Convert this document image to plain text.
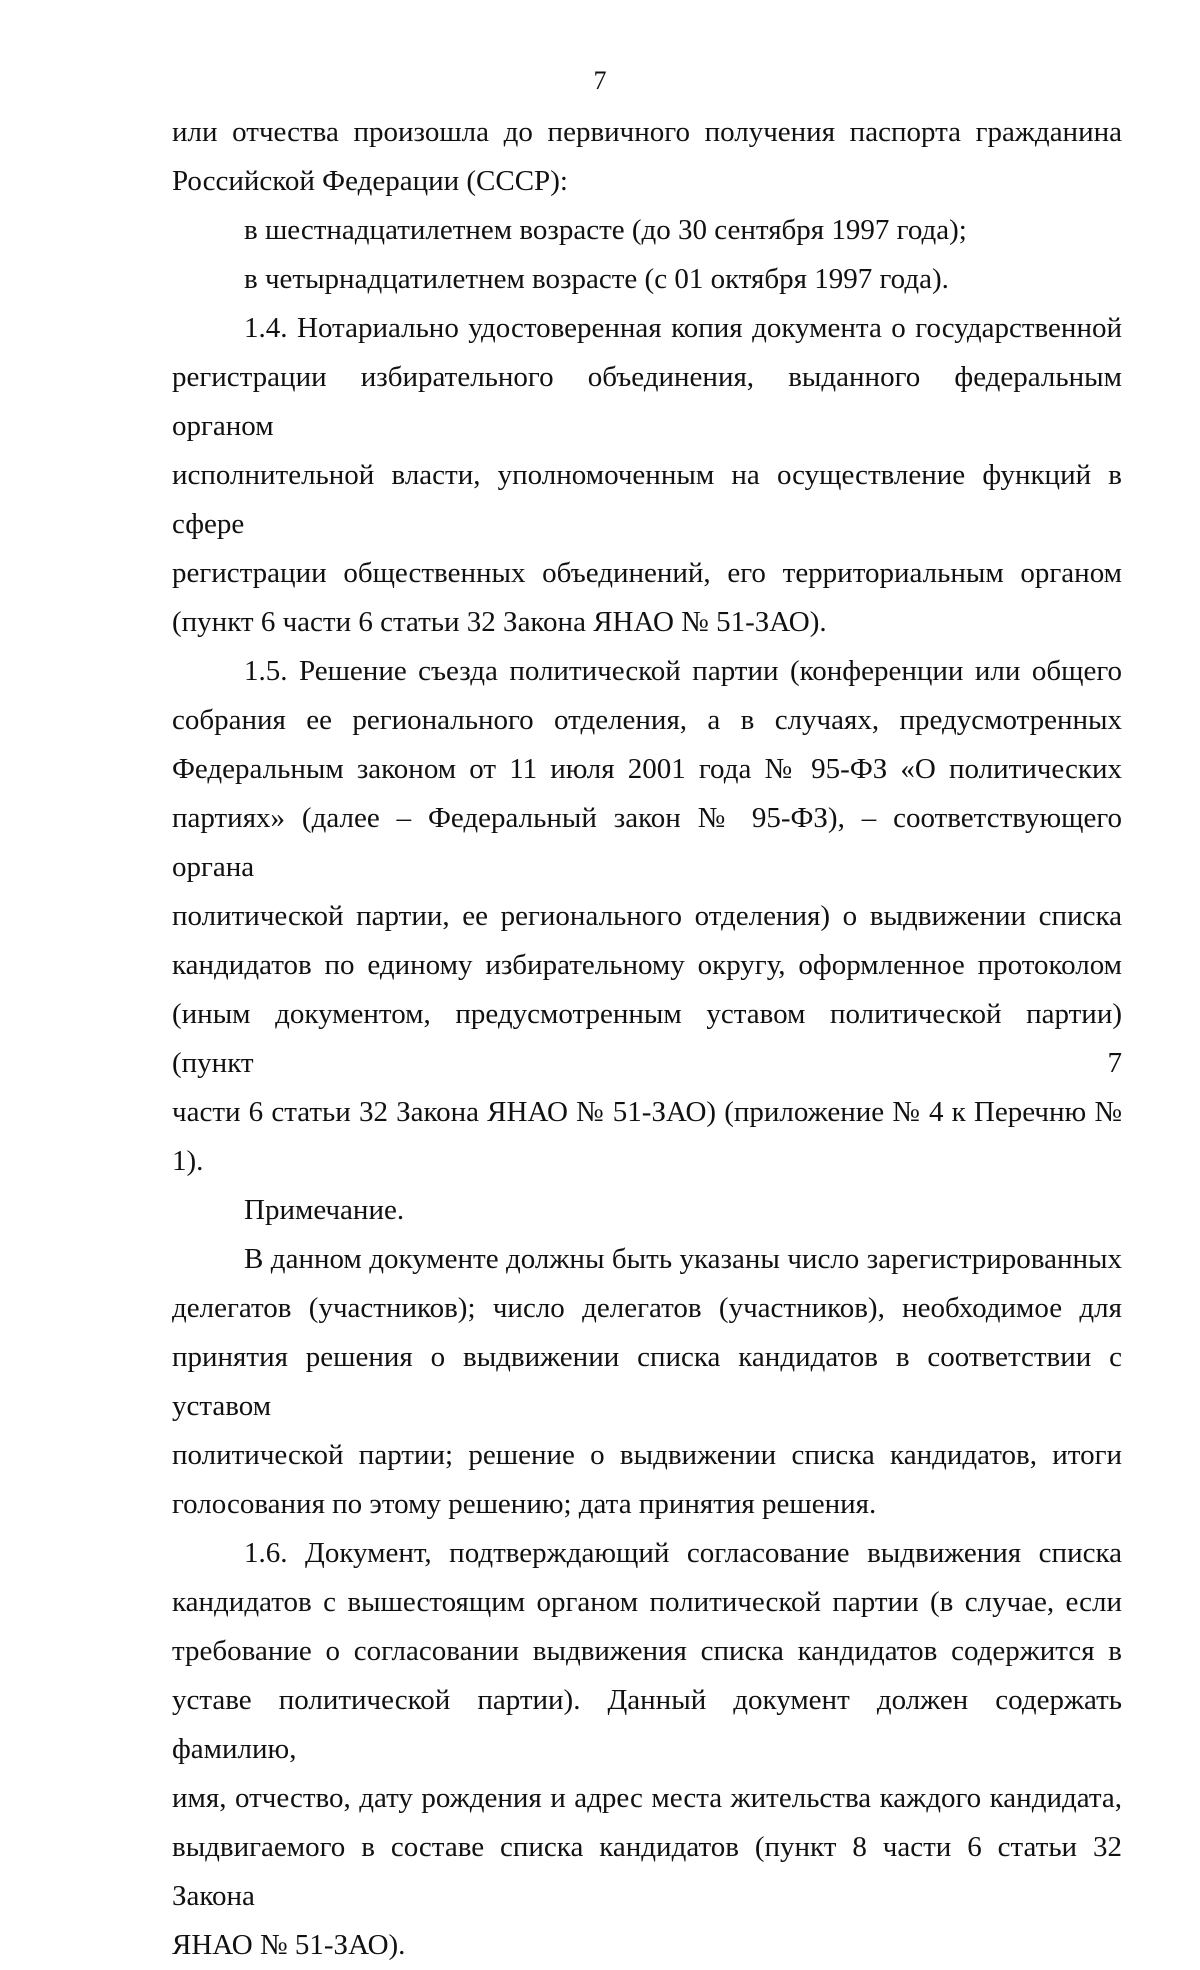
7

или отчества произошла до первичного получения паспорта гражданина
Российской Федерации (СССР):

в шестнадцатилетнем возрасте (до 30 сентября 1997 года);

в четырнадцатилетнем возрасте (с 01 октября 1997 года).

1.4. Нотариально удостоверенная копия документа о государственной
регистрации избирательного объединения, выданного федеральным органом
исполнительной власти, уполномоченным на осуществление функций в сфере
регистрации общественных объединений, его территориальным органом
(пункт 6 части 6 статьи 32 Закона ЯНАО № 51-ЗАО).

1.5. Решение съезда политической партии (конференции или общего
собрания ее регионального отделения, а в случаях, предусмотренных
Федеральным законом от 11 июля 2001 года № 95-ФЗ «О политических
партиях» (далее – Федеральный закон № 95-ФЗ), – соответствующего органа
политической партии, ее регионального отделения) о выдвижении списка
кандидатов по единому избирательному округу, оформленное протоколом
(иным документом, предусмотренным уставом политической партии) (пункт 7
части 6 статьи 32 Закона ЯНАО № 51-ЗАО) (приложение № 4 к Перечню № 1).

Примечание.

В данном документе должны быть указаны число зарегистрированных
делегатов (участников); число делегатов (участников), необходимое для
принятия решения о выдвижении списка кандидатов в соответствии с уставом
политической партии; решение о выдвижении списка кандидатов, итоги
голосования по этому решению; дата принятия решения.

1.6. Документ, подтверждающий согласование выдвижения списка
кандидатов с вышестоящим органом политической партии (в случае, если
требование о согласовании выдвижения списка кандидатов содержится в
уставе политической партии). Данный документ должен содержать фамилию,
имя, отчество, дату рождения и адрес места жительства каждого кандидата,
выдвигаемого в составе списка кандидатов (пункт 8 части 6 статьи 32 Закона
ЯНАО № 51-ЗАО).
